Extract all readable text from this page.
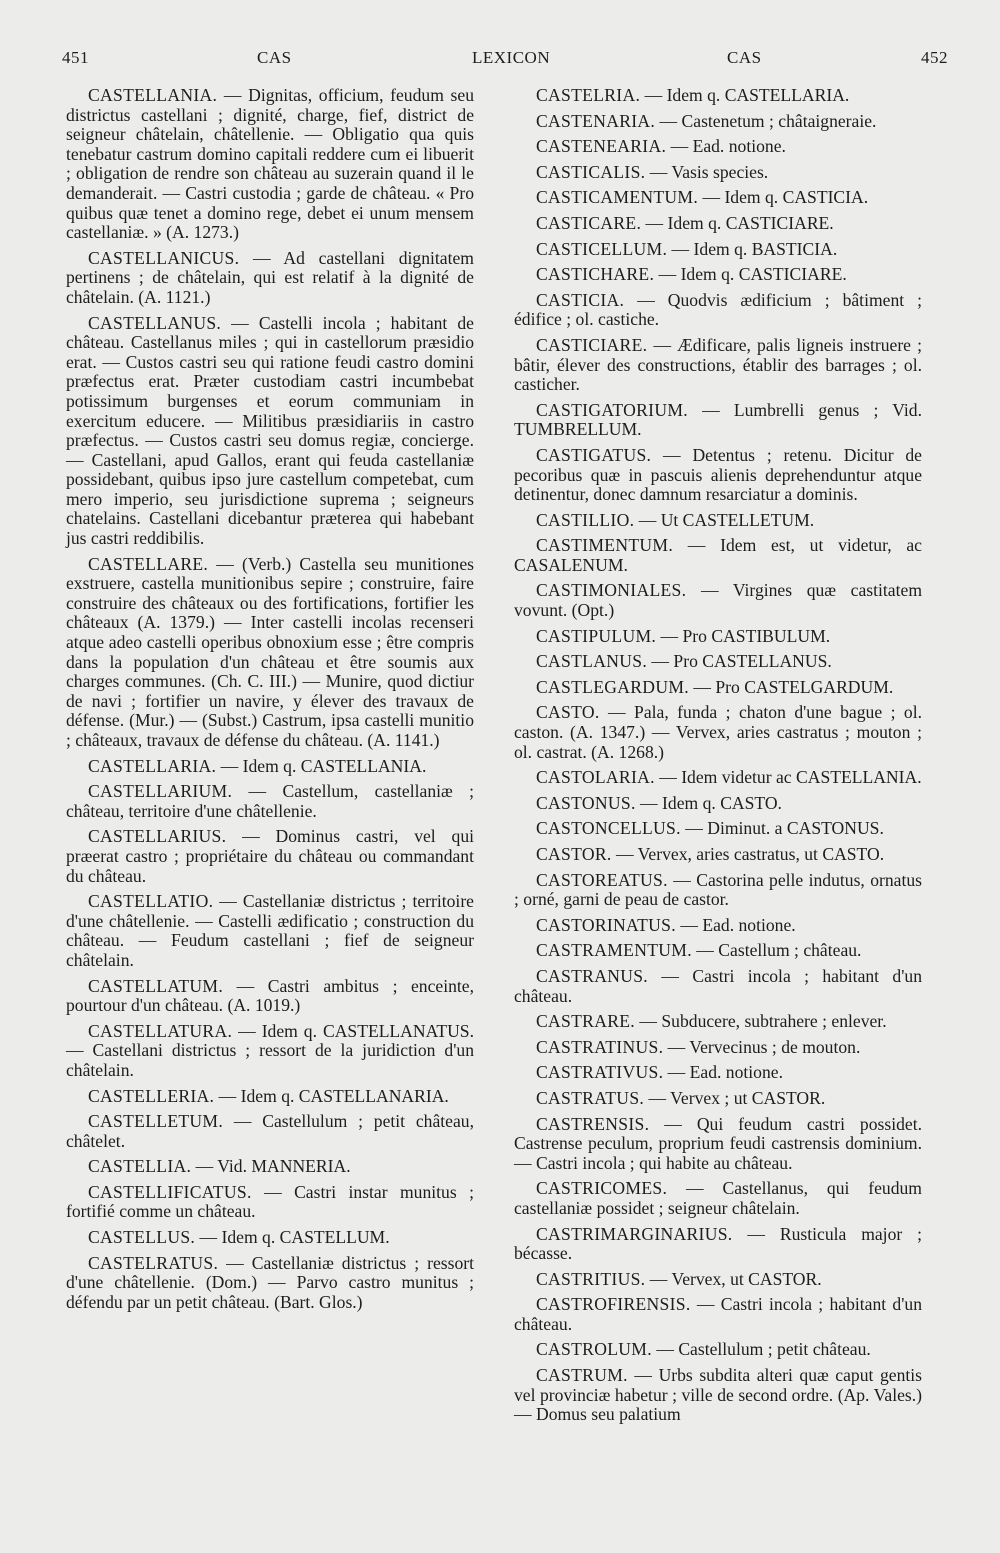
451	CAS	LEXICON	CAS	452

CASTELLANIA. — Dignitas, officium, feudum seu districtus castellani ; dignité, charge, fief, district de seigneur châtelain, châtellenie. — Obligatio qua quis tenebatur castrum domino capitali reddere cum ei libuerit ; obligation de rendre son château au suzerain quand il le demanderait. — Castri custodia ; garde de château. « Pro quibus quæ tenet a domino rege, debet ei unum mensem castellaniæ. » (A. 1273.)

CASTELLANICUS. — Ad castellani dignitatem pertinens ; de châtelain, qui est relatif à la dignité de châtelain. (A. 1121.)

CASTELLANUS. — Castelli incola ; habitant de château. Castellanus miles ; qui in castellorum præsidio erat. — Custos castri seu qui ratione feudi castro domini præfectus erat. Præter custodiam castri incumbebat potissimum burgenses et eorum communiam in exercitum educere. — Militibus præsidiariis in castro præfectus. — Custos castri seu domus regiæ, concierge. — Castellani, apud Gallos, erant qui feuda castellaniæ possidebant, quibus ipso jure castellum competebat, cum mero imperio, seu jurisdictione suprema ; seigneurs chatelains. Castellani dicebantur præterea qui habebant jus castri reddibilis.

CASTELLARE. — (Verb.) Castella seu munitiones exstruere, castella munitionibus sepire ; construire, faire construire des châteaux ou des fortifications, fortifier les châteaux (A. 1379.) — Inter castelli incolas recenseri atque adeo castelli operibus obnoxium esse ; être compris dans la population d'un château et être soumis aux charges communes. (Ch. C. III.) — Munire, quod dictiur de navi ; fortifier un navire, y élever des travaux de défense. (Mur.) — (Subst.) Castrum, ipsa castelli munitio ; châteaux, travaux de défense du château. (A. 1141.)

CASTELLARIA. — Idem q. CASTELLANIA.

CASTELLARIUM. — Castellum, castellaniæ ; château, territoire d'une châtellenie.

CASTELLARIUS. — Dominus castri, vel qui præerat castro ; propriétaire du château ou commandant du château.

CASTELLATIO. — Castellaniæ districtus ; territoire d'une châtellenie. — Castelli ædificatio ; construction du château. — Feudum castellani ; fief de seigneur châtelain.

CASTELLATUM. — Castri ambitus ; enceinte, pourtour d'un château. (A. 1019.)

CASTELLATURA. — Idem q. CASTELLANATUS. — Castellani districtus ; ressort de la juridiction d'un châtelain.

CASTELLERIA. — Idem q. CASTELLANARIA.

CASTELLETUM. — Castellulum ; petit château, châtelet.

CASTELLIA. — Vid. MANNERIA.

CASTELLIFICATUS. — Castri instar munitus ; fortifié comme un château.

CASTELLUS. — Idem q. CASTELLUM.

CASTELRATUS. — Castellaniæ districtus ; ressort d'une châtellenie. (Dom.) — Parvo castro munitus ; défendu par un petit château. (Bart. Glos.)

CASTELRIA. — Idem q. CASTELLARIA.

CASTENARIA. — Castenetum ; châtaigneraie.

CASTENEARIA. — Ead. notione.

CASTICALIS. — Vasis species.

CASTICAMENTUM. — Idem q. CASTICIA.

CASTICARE. — Idem q. CASTICIARE.

CASTICELLUM. — Idem q. BASTICIA.

CASTICHARE. — Idem q. CASTICIARE.

CASTICIA. — Quodvis ædificium ; bâtiment ; édifice ; ol. castiche.

CASTICIARE. — Ædificare, palis ligneis instruere ; bâtir, élever des constructions, établir des barrages ; ol. casticher.

CASTIGATORIUM. — Lumbrelli genus ; Vid. TUMBRELLUM.

CASTIGATUS. — Detentus ; retenu. Dicitur de pecoribus quæ in pascuis alienis deprehenduntur atque detinentur, donec damnum resarciatur a dominis.

CASTILLIO. — Ut CASTELLETUM.

CASTIMENTUM. — Idem est, ut videtur, ac CASALENUM.

CASTIMONIALES. — Virgines quæ castitatem vovunt. (Opt.)

CASTIPULUM. — Pro CASTIBULUM.

CASTLANUS. — Pro CASTELLANUS.

CASTLEGARDUM. — Pro CASTELGARDUM.

CASTO. — Pala, funda ; chaton d'une bague ; ol. caston. (A. 1347.) — Vervex, aries castratus ; mouton ; ol. castrat. (A. 1268.)

CASTOLARIA. — Idem videtur ac CASTELLANIA.

CASTONUS. — Idem q. CASTO.

CASTONCELLUS. — Diminut. a CASTONUS.

CASTOR. — Vervex, aries castratus, ut CASTO.

CASTOREATUS. — Castorina pelle indutus, ornatus ; orné, garni de peau de castor.

CASTORINATUS. — Ead. notione.

CASTRAMENTUM. — Castellum ; château.

CASTRANUS. — Castri incola ; habitant d'un château.

CASTRARE. — Subducere, subtrahere ; enlever.

CASTRATINUS. — Vervecinus ; de mouton.

CASTRATIVUS. — Ead. notione.

CASTRATUS. — Vervex ; ut CASTOR.

CASTRENSIS. — Qui feudum castri possidet. Castrense peculum, proprium feudi castrensis dominium. — Castri incola ; qui habite au château.

CASTRICOMES. — Castellanus, qui feudum castellaniæ possidet ; seigneur châtelain.

CASTRIMARGINARIUS. — Rusticula major ; bécasse.

CASTRITIUS. — Vervex, ut CASTOR.

CASTROFIRENSIS. — Castri incola ; habitant d'un château.

CASTROLUM. — Castellulum ; petit château.

CASTRUM. — Urbs subdita alteri quæ caput gentis vel provinciæ habetur ; ville de second ordre. (Ap. Vales.) — Domus seu palatium
